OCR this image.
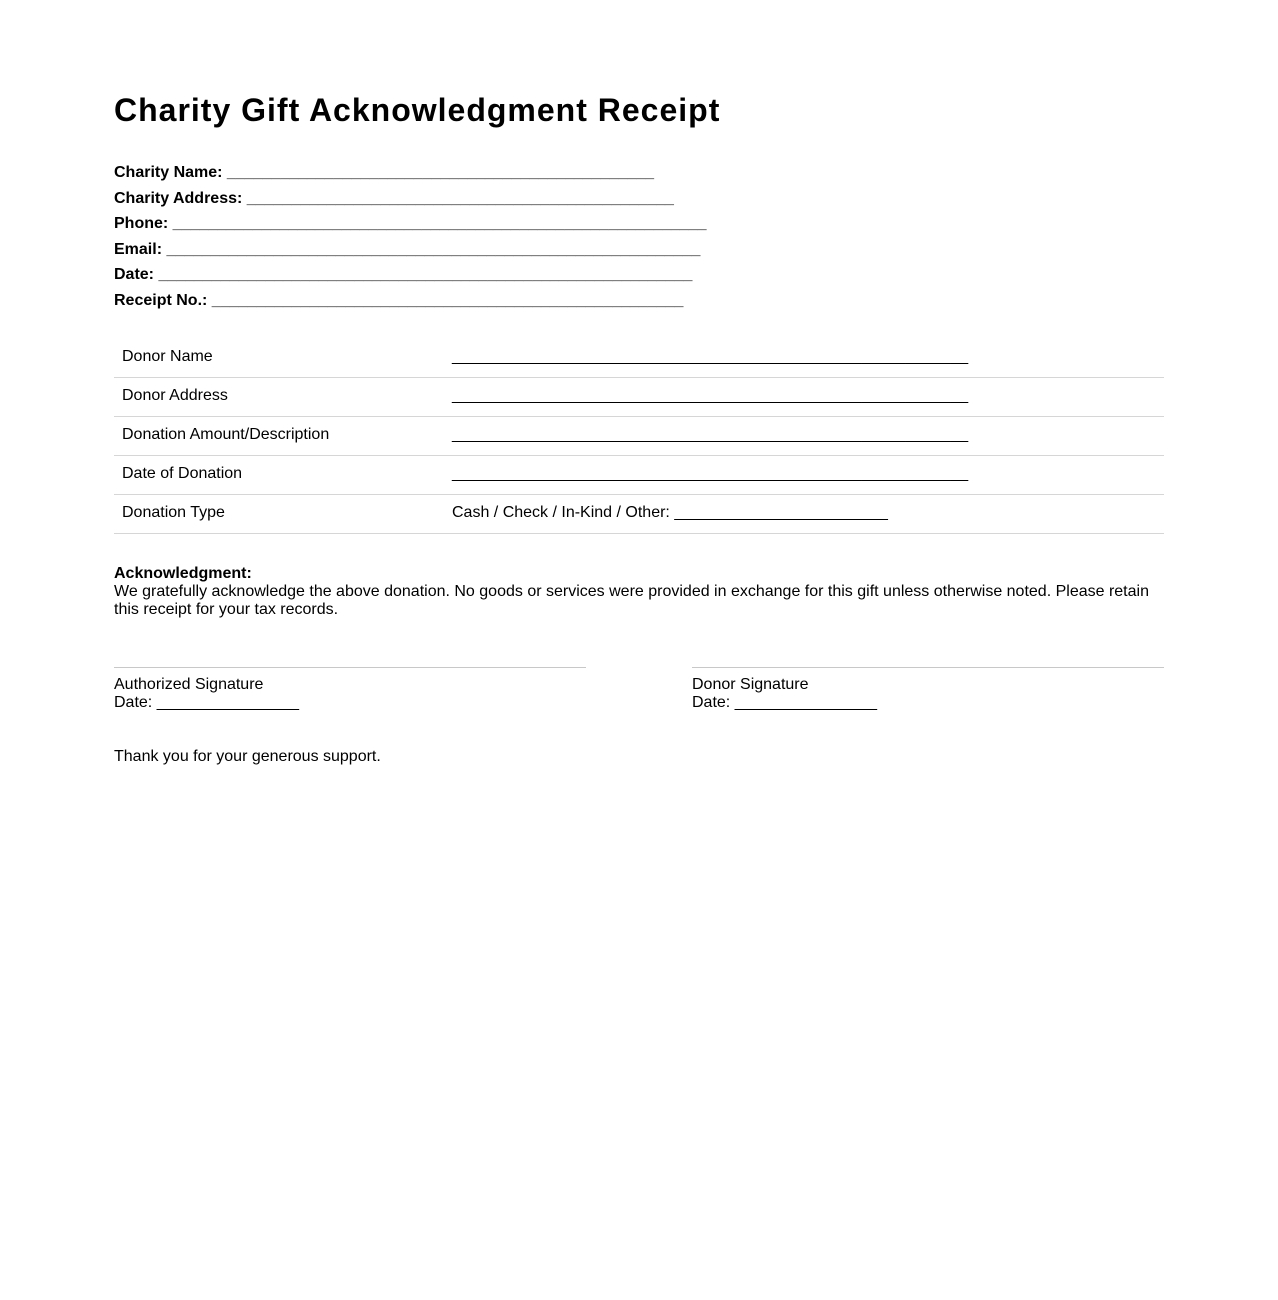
Charity Gift Acknowledgment Receipt
Charity Name: ________________________________________________
Charity Address: ________________________________________________
Phone: ____________________________________________________________
Email: ____________________________________________________________
Date: ____________________________________________________________
Receipt No.: _____________________________________________________
Donor Name	__________________________________________________________
Donor Address	__________________________________________________________
Donation Amount/Description	__________________________________________________________
Date of Donation	__________________________________________________________
Donation Type	Cash / Check / In-Kind / Other: ________________________
Acknowledgment:
We gratefully acknowledge the above donation. No goods or services were provided in exchange for this gift unless otherwise noted. Please retain this receipt for your tax records.
Authorized Signature
Date: ________________
Donor Signature
Date: ________________
Thank you for your generous support.
